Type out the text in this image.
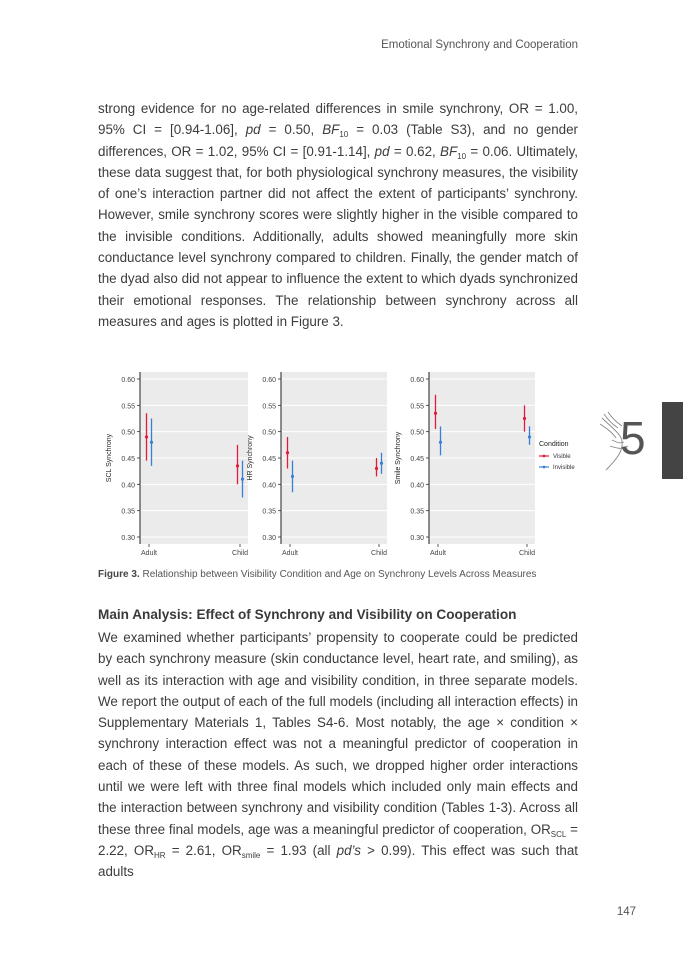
Emotional Synchrony and Cooperation

strong evidence for no age-related differences in smile synchrony, OR = 1.00, 95% CI = [0.94-1.06], pd = 0.50, $BF_{10} = 0.03$ (Table S3), and no gender differences, OR = 1.02, 95% CI = [0.91-1.14], pd = 0.62, $BF_{10} = 0.06$. Ultimately, these data suggest that, for both physiological synchrony measures, the visibility of one’s interaction partner did not affect the extent of participants’ synchrony. However, smile synchrony scores were slightly higher in the visible compared to the invisible conditions. Additionally, adults showed meaningfully more skin conductance level synchrony compared to children. Finally, the gender match of the dyad also did not appear to influence the extent to which dyads synchronized their emotional responses. The relationship between synchrony across all measures and ages is plotted in Figure 3.

0.30
0.35
0.40
0.45
0.50
0.55
0.60
SCL Synchrony
Adult	Child
0.30
0.35
0.40
0.45
0.50
0.55
0.60
HR Synchrony
Adult	Child
0.30
0.35
0.40
0.45
0.50
0.55
0.60
Smile Synchrony
Adult	Child
Condition
Visible
Invisible
Figure 3. Relationship between Visibility Condition and Age on Synchrony Levels Across Measures
Main Analysis: Effect of Synchrony and Visibility on Cooperation

We examined whether participants’ propensity to cooperate could be predicted by each synchrony measure (skin conductance level, heart rate, and smiling), as well as its interaction with age and visibility condition, in three separate models. We report the output of each of the full models (including all interaction effects) in Supplementary Materials 1, Tables S4-6. Most notably, the age × condition × synchrony interaction effect was not a meaningful predictor of cooperation in each of these of these models. As such, we dropped higher order interactions until we were left with three final models which included only main effects and the interaction between synchrony and visibility condition (Tables 1-3). Across all these three final models, age was a meaningful predictor of cooperation, $OR_{SCL} = 2.22$, $OR_{HR} = 2.61$, $OR_{smile} = 1.93$ (all pd’s > 0.99). This effect was such that adults

5
147
